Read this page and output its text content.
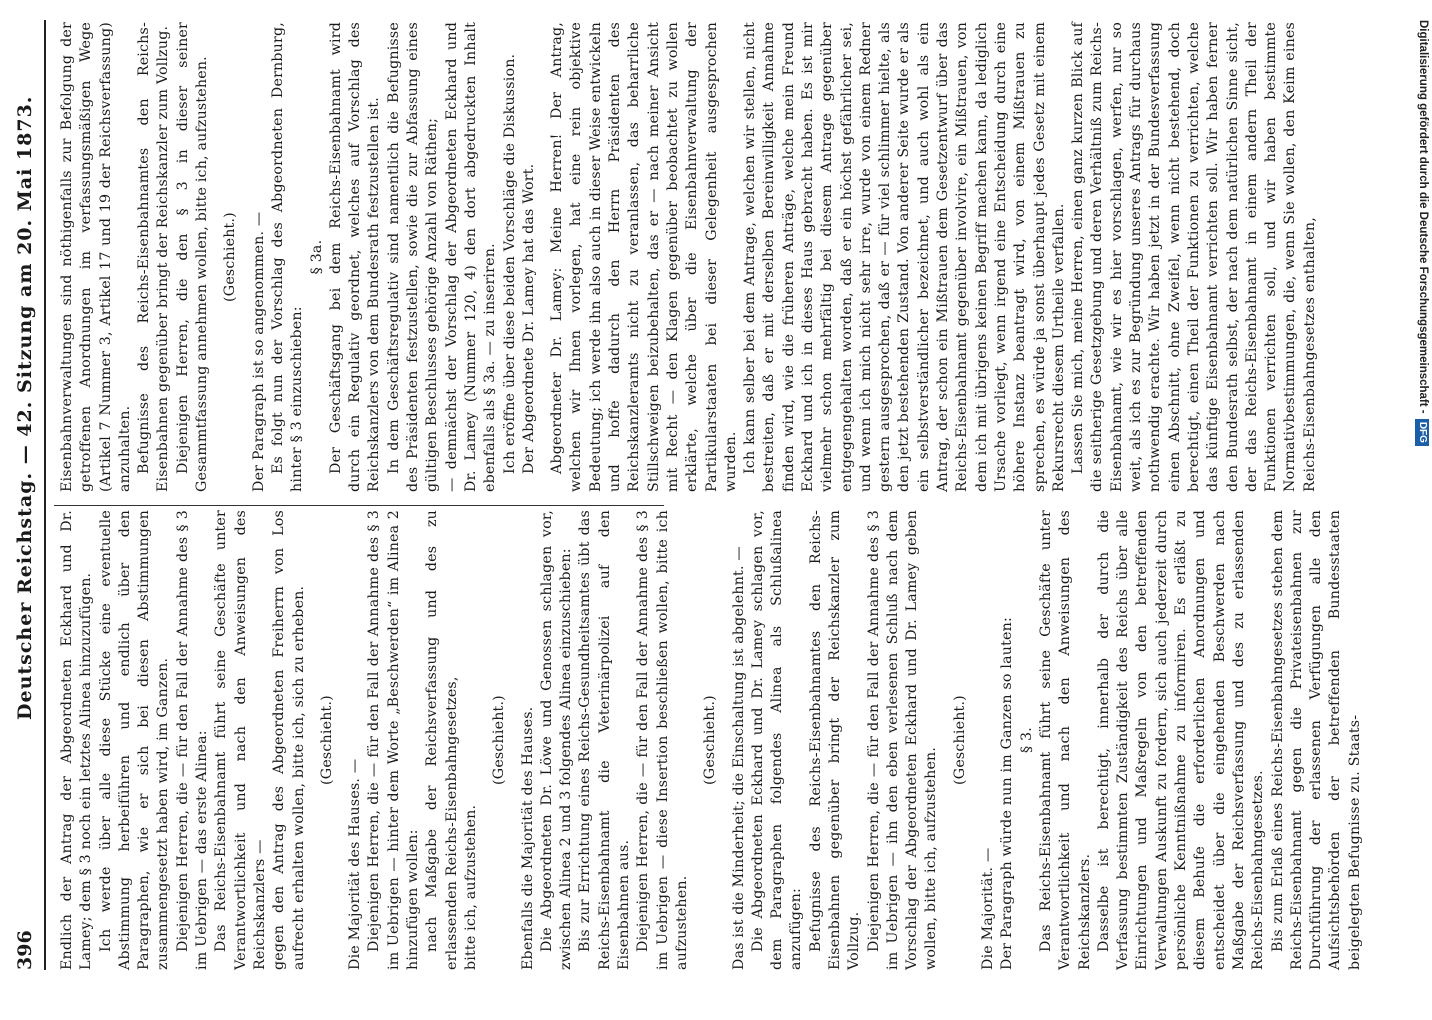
396
Deutscher Reichstag. — 42. Sitzung am 20. Mai 1873.

Endlich der Antrag der Abgeordneten Eckhard und Dr. Lamey; dem § 3 noch ein letztes Alinea hinzuzufügen. Ich werde über alle diese Stücke eine eventuelle Abstimmung herbeiführen und endlich über den Paragraphen, wie er sich bei diesen Abstimmungen zusammengesetzt haben wird, im Ganzen. Diejenigen Herren, die — für den Fall der Annahme des § 3 im Uebrigen — das erste Alinea: Das Reichs-Eisenbahnamt führt seine Geschäfte unter Verantwortlichkeit und nach den Anweisungen des Reichskanzlers — gegen den Antrag des Abgeordneten Freiherrn von Los aufrecht erhalten wollen, bitte ich, sich zu erheben. (Geschieht.)

Die Majorität des Hauses. — Diejenigen Herren, die — für den Fall der Annahme des § 3 im Uebrigen — hinter dem Worte „Beschwerden“ im Alinea 2 hinzufügen wollen: nach Maßgabe der Reichsverfassung und des zu erlassenden Reichs-Eisenbahngesetzes, bitte ich, aufzustehen.

(Geschieht.) Ebenfalls die Majorität des Hauses. Die Abgeordneten Dr. Löwe und Genossen schlagen vor, zwischen Alinea 2 und 3 folgendes Alinea einzuschieben: Bis zur Errichtung eines Reichs-Gesundheitsamtes übt das Reichs-Eisenbahnamt die Veterinärpolizei auf den Eisenbahnen aus. Diejenigen Herren, die — für den Fall der Annahme des § 3 im Uebrigen — diese Insertion beschließen wollen, bitte ich aufzustehen.

(Geschieht.) Das ist die Minderheit; die Einschaltung ist abgelehnt. — Die Abgeordneten Eckhard und Dr. Lamey schlagen vor, dem Paragraphen folgendes Alinea als Schlußalinea anzufügen: Befugnisse des Reichs-Eisenbahnamtes den Reichs-Eisenbahnen gegenüber bringt der Reichskanzler zum Vollzug. Diejenigen Herren, die — für den Fall der Annahme des § 3 im Uebrigen — ihn den eben verlesenen Schluß nach dem Vorschlag der Abgeordneten Eckhard und Dr. Lamey geben wollen, bitte ich, aufzustehen.

(Geschieht.)

Die Majorität. — Der Paragraph würde nun im Ganzen so lauten: § 3. Das Reichs-Eisenbahnamt führt seine Geschäfte unter Verantwortlichkeit und nach den Anweisungen des Reichskanzlers. Dasselbe ist berechtigt, innerhalb der durch die Verfassung bestimmten Zuständigkeit des Reichs über alle Einrichtungen und Maßregeln von den betreffenden Verwaltungen Auskunft zu fordern, sich auch jederzeit durch persönliche Kenntnißnahme zu informiren. Es erläßt zu diesem Behufe die erforderlichen Anordnungen und entscheidet über die eingehenden Beschwerden nach Maßgabe der Reichsverfassung und des zu erlassenden Reichs-Eisenbahngesetzes. Bis zum Erlaß eines Reichs-Eisenbahngesetzes stehen dem Reichs-Eisenbahnamt gegen die Privateisenbahnen zur Durchführung der erlassenen Verfügungen alle den Aufsichtsbehörden der betreffenden Bundesstaaten beigelegten Befugnisse zu. Staats-

Eisenbahnverwaltungen sind nöthigenfalls zur Befolgung der getroffenen Anordnungen im verfassungsmäßigen Wege (Artikel 7 Nummer 3, Artikel 17 und 19 der Reichsverfassung) anzuhalten. Befugnisse des Reichs-Eisenbahnamtes den Reichs-Eisenbahnen gegenüber bringt der Reichskanzler zum Vollzug. Diejenigen Herren, die den § 3 in dieser seiner Gesammtfassung annehmen wollen, bitte ich, aufzustehen. (Geschieht.) Der Paragraph ist so angenommen. — Es folgt nun der Vorschlag des Abgeordneten Dernburg, hinter § 3 einzuschieben:

§ 3a. Der Geschäftsgang bei dem Reichs-Eisenbahnamt wird durch ein Regulativ geordnet, welches auf Vorschlag des Reichskanzlers von dem Bundesrath festzustellen ist. In dem Geschäftsregulativ sind namentlich die Befugnisse des Präsidenten festzustellen, sowie die zur Abfassung eines gültigen Beschlusses gehörige Anzahl von Räthen; — demnächst der Vorschlag der Abgeordneten Eckhard und Dr. Lamey (Nummer 120, 4) den dort abgedruckten Inhalt ebenfalls als § 3a. — zu inseriren. Ich eröffne über diese beiden Vorschläge die Diskussion. Der Abgeordnete Dr. Lamey hat das Wort. Abgeordneter Dr. Lamey: Meine Herren! Der Antrag, welchen wir Ihnen vorlegen, hat eine rein objektive Bedeutung; ich werde ihn also auch in dieser Weise entwickeln und hoffe dadurch den Herrn Präsidenten des Reichskanzleramts nicht zu veranlassen, das beharrliche Stillschweigen beizubehalten, das er — nach meiner Ansicht mit Recht — den Klagen gegenüber beobachtet zu wollen erklärte, welche über die Eisenbahnverwaltung der Partikularstaaten bei dieser Gelegenheit ausgesprochen wurden. Ich kann selber bei dem Antrage, welchen wir stellen, nicht bestreiten, daß er mit derselben Bereinwilligkeit Annahme finden wird, wie die früheren Anträge, welche mein Freund Eckhard und ich in dieses Haus gebracht haben. Es ist mir vielmehr schon mehrfältig bei diesem Antrage gegenüber entgegengehalten worden, daß er ein höchst gefährlicher sei, und wenn ich mich nicht sehr irre, wurde von einem Redner gestern ausgesprochen, daß er — für viel schlimmer hielte, als den jetzt bestehenden Zustand. Von anderer Seite wurde er als ein selbstverständlicher bezeichnet, und auch wohl als ein Antrag, der schon ein Mißtrauen dem Gesetzentwurf über das Reichs-Eisenbahnamt gegenüber involvire, ein Mißtrauen, von dem ich mit übrigens keinen Begriff machen kann, da lediglich Ursache vorliegt, wenn irgend eine Entscheidung durch eine höhere Instanz beantragt wird, von einem Mißtrauen zu sprechen, es würde ja sonst überhaupt jedes Gesetz mit einem Rekursrecht diesem Urtheile verfallen. Lassen Sie mich, meine Herren, einen ganz kurzen Blick auf die seitherige Gesetzgebung und deren Verhältniß zum Reichs-Eisenbahnamt, wie wir es hier vorschlagen, werfen, nur so weit, als ich es zur Begründung unseres Antrags für durchaus nothwendig erachte. Wir haben jetzt in der Bundesverfassung einen Abschnitt, ohne Zweifel, wenn nicht bestehend, doch berechtigt, einen Theil der Funktionen zu verrichten, welche das künftige Eisenbahnamt verrichten soll. Wir haben ferner den Bundesrath selbst, der nach dem natürlichen Sinne sicht, der das Reichs-Eisenbahnamt in einem andern Theil der Funktionen verrichten soll, und wir haben bestimmte Normativbestimmungen, die, wenn Sie wollen, den Keim eines Reichs-Eisenbahngesetzes enthalten,	Digitalisierung gefördert durch die Deutsche Forschungsgemeinschaft - DFG
